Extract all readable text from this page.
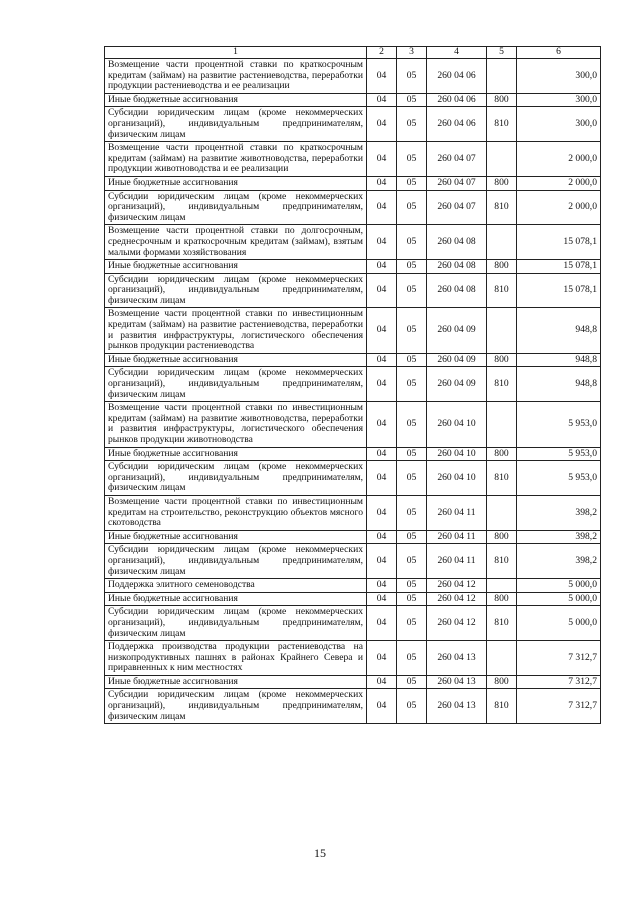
1	2	3	4	5	6
Возмещение части процентной ставки по краткосрочным кредитам (займам) на развитие растениеводства, переработки продукции растениеводства и ее реализации	04	05	260 04 06		300,0
Иные бюджетные ассигнования	04	05	260 04 06	800	300,0
Субсидии юридическим лицам (кроме некоммерческих организаций), индивидуальным предпринимателям, физическим лицам	04	05	260 04 06	810	300,0
Возмещение части процентной ставки по краткосрочным кредитам (займам) на развитие животноводства, переработки продукции животноводства и ее реализации	04	05	260 04 07		2 000,0
Иные бюджетные ассигнования	04	05	260 04 07	800	2 000,0
Субсидии юридическим лицам (кроме некоммерческих организаций), индивидуальным предпринимателям, физическим лицам	04	05	260 04 07	810	2 000,0
Возмещение части процентной ставки по долгосрочным, среднесрочным и краткосрочным кредитам (займам), взятым малыми формами хозяйствования	04	05	260 04 08		15 078,1
Иные бюджетные ассигнования	04	05	260 04 08	800	15 078,1
Субсидии юридическим лицам (кроме некоммерческих организаций), индивидуальным предпринимателям, физическим лицам	04	05	260 04 08	810	15 078,1
Возмещение части процентной ставки по инвестиционным кредитам (займам) на развитие растениеводства, переработки и развития инфраструктуры, логистического обеспечения рынков продукции растениеводства	04	05	260 04 09		948,8
Иные бюджетные ассигнования	04	05	260 04 09	800	948,8
Субсидии юридическим лицам (кроме некоммерческих организаций), индивидуальным предпринимателям, физическим лицам	04	05	260 04 09	810	948,8
Возмещение части процентной ставки по инвестиционным кредитам (займам) на развитие животноводства, переработки и развития инфраструктуры, логистического обеспечения рынков продукции животноводства	04	05	260 04 10		5 953,0
Иные бюджетные ассигнования	04	05	260 04 10	800	5 953,0
Субсидии юридическим лицам (кроме некоммерческих организаций), индивидуальным предпринимателям, физическим лицам	04	05	260 04 10	810	5 953,0
Возмещение части процентной ставки по инвестиционным кредитам на строительство, реконструкцию объектов мясного скотоводства	04	05	260 04 11		398,2
Иные бюджетные ассигнования	04	05	260 04 11	800	398,2
Субсидии юридическим лицам (кроме некоммерческих организаций), индивидуальным предпринимателям, физическим лицам	04	05	260 04 11	810	398,2
Поддержка элитного семеноводства	04	05	260 04 12		5 000,0
Иные бюджетные ассигнования	04	05	260 04 12	800	5 000,0
Субсидии юридическим лицам (кроме некоммерческих организаций), индивидуальным предпринимателям, физическим лицам	04	05	260 04 12	810	5 000,0
Поддержка производства продукции растениеводства на низкопродуктивных пашнях в районах Крайнего Севера и приравненных к ним местностях	04	05	260 04 13		7 312,7
Иные бюджетные ассигнования	04	05	260 04 13	800	7 312,7
Субсидии юридическим лицам (кроме некоммерческих организаций), индивидуальным предпринимателям, физическим лицам	04	05	260 04 13	810	7 312,7
15
